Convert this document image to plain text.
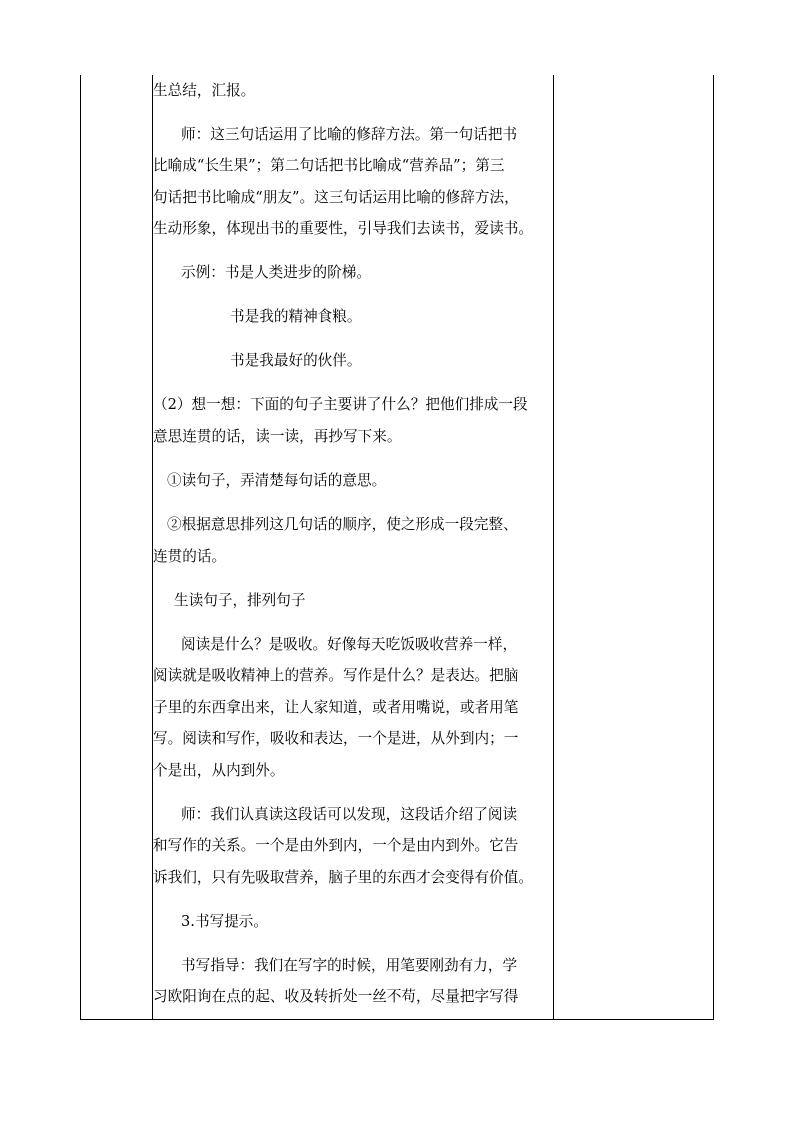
生总结，汇报。
师：这三句话运用了比喻的修辞方法。第一句话把书
比喻成“长生果”；第二句话把书比喻成“营养品”；第三
句话把书比喻成“朋友”。这三句话运用比喻的修辞方法，
生动形象，体现出书的重要性，引导我们去读书，爱读书。
示例：书是人类进步的阶梯。
书是我的精神食粮。
书是我最好的伙伴。
（2）想一想：下面的句子主要讲了什么？把他们排成一段
意思连贯的话，读一读，再抄写下来。
①读句子，弄清楚每句话的意思。
②根据意思排列这几句话的顺序，使之形成一段完整、
连贯的话。
生读句子，排列句子
阅读是什么？是吸收。好像每天吃饭吸收营养一样，
阅读就是吸收精神上的营养。写作是什么？是表达。把脑
子里的东西拿出来，让人家知道，或者用嘴说，或者用笔
写。阅读和写作，吸收和表达，一个是进，从外到内；一
个是出，从内到外。
师：我们认真读这段话可以发现，这段话介绍了阅读
和写作的关系。一个是由外到内，一个是由内到外。它告
诉我们，只有先吸取营养，脑子里的东西才会变得有价值。
3.书写提示。
书写指导：我们在写字的时候，用笔要刚劲有力，学
习欧阳询在点的起、收及转折处一丝不苟，尽量把字写得
